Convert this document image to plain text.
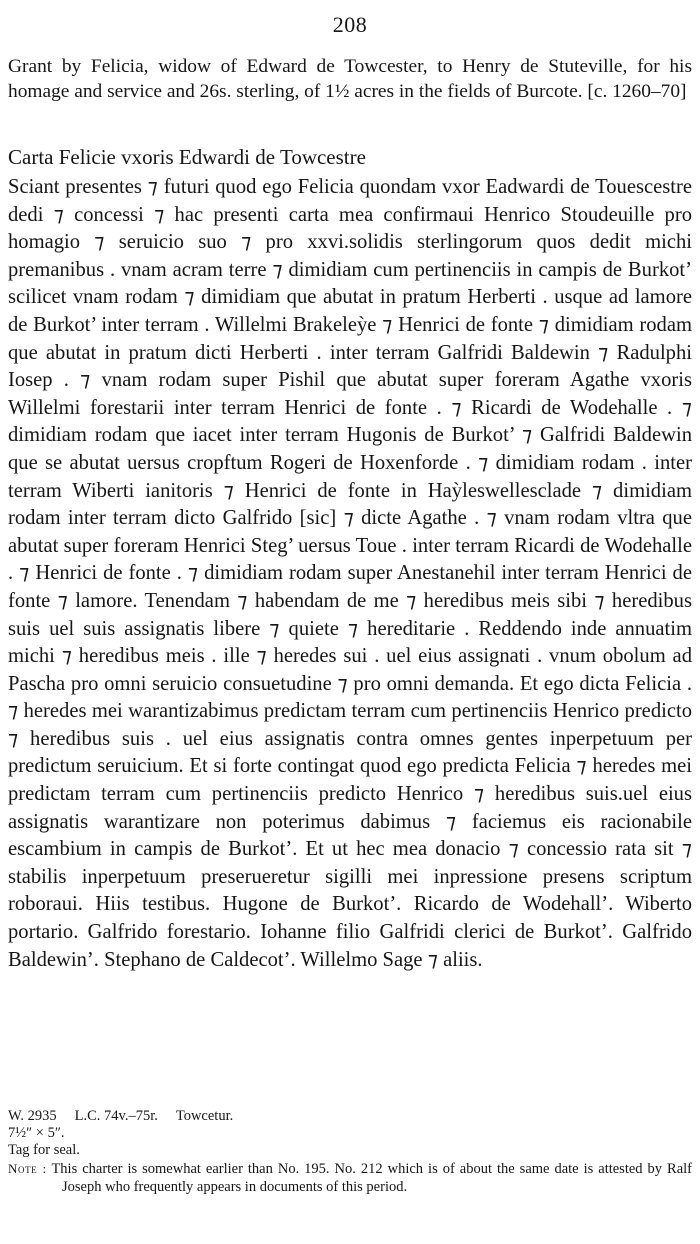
208
Grant by Felicia, widow of Edward de Towcester, to Henry de Stuteville, for his homage and service and 26s. sterling, of 1½ acres in the fields of Burcote. [c. 1260–70]
Carta Felicie vxoris Edwardi de Towcestre
Sciant presentes ⁊ futuri quod ego Felicia quondam vxor Eadwardi de Touescestre dedi ⁊ concessi ⁊ hac presenti carta mea confirmaui Henrico Stoudeuille pro homagio ⁊ seruicio suo ⁊ pro xxvi.solidis sterlingorum quos dedit michi premanibus . vnam acram terre ⁊ dimidiam cum pertinenciis in campis de Burkot’ scilicet vnam rodam ⁊ dimidiam que abutat in pratum Herberti . usque ad lamore de Burkot’ inter terram . Willelmi Brakeleỳe ⁊ Henrici de fonte ⁊ dimidiam rodam que abutat in pratum dicti Herberti . inter terram Galfridi Baldewin ⁊ Radulphi Iosep . ⁊ vnam rodam super Pishil que abutat super foreram Agathe vxoris Willelmi forestarii inter terram Henrici de fonte . ⁊ Ricardi de Wodehalle . ⁊ dimidiam rodam que iacet inter terram Hugonis de Burkot’ ⁊ Galfridi Baldewin que se abutat uersus cropftum Rogeri de Hoxenforde . ⁊ dimidiam rodam . inter terram Wiberti ianitoris ⁊ Henrici de fonte in Haỳleswellesclade ⁊ dimidiam rodam inter terram dicto Galfrido [sic] ⁊ dicte Agathe . ⁊ vnam rodam vltra que abutat super foreram Henrici Steg’ uersus Toue . inter terram Ricardi de Wodehalle . ⁊ Henrici de fonte . ⁊ dimidiam rodam super Anestanehil inter terram Henrici de fonte ⁊ lamore. Tenendam ⁊ habendam de me ⁊ heredibus meis sibi ⁊ heredibus suis uel suis assignatis libere ⁊ quiete ⁊ hereditarie . Reddendo inde annuatim michi ⁊ heredibus meis . ille ⁊ heredes sui . uel eius assignati . vnum obolum ad Pascha pro omni seruicio consuetudine ⁊ pro omni demanda. Et ego dicta Felicia . ⁊ heredes mei warantizabimus predictam terram cum pertinenciis Henrico predicto ⁊ heredibus suis . uel eius assignatis contra omnes gentes inperpetuum per predictum seruicium. Et si forte contingat quod ego predicta Felicia ⁊ heredes mei predictam terram cum pertinenciis predicto Henrico ⁊ heredibus suis.uel eius assignatis warantizare non poterimus dabimus ⁊ faciemus eis racionabile escambium in campis de Burkot’. Et ut hec mea donacio ⁊ concessio rata sit ⁊ stabilis inperpetuum preserueretur sigilli mei inpressione presens scriptum roboraui. Hiis testibus. Hugone de Burkot’. Ricardo de Wodehall’. Wiberto portario. Galfrido forestario. Iohanne filio Galfridi clerici de Burkot’. Galfrido Baldewin’. Stephano de Caldecot’. Willelmo Sage ⁊ aliis.
W. 2935 L.C. 74v.–75r. Towcetur.
7½″ × 5″.
Tag for seal.
Note : This charter is somewhat earlier than No. 195. No. 212 which is of about the same date is attested by Ralf Joseph who frequently appears in documents of this period.
